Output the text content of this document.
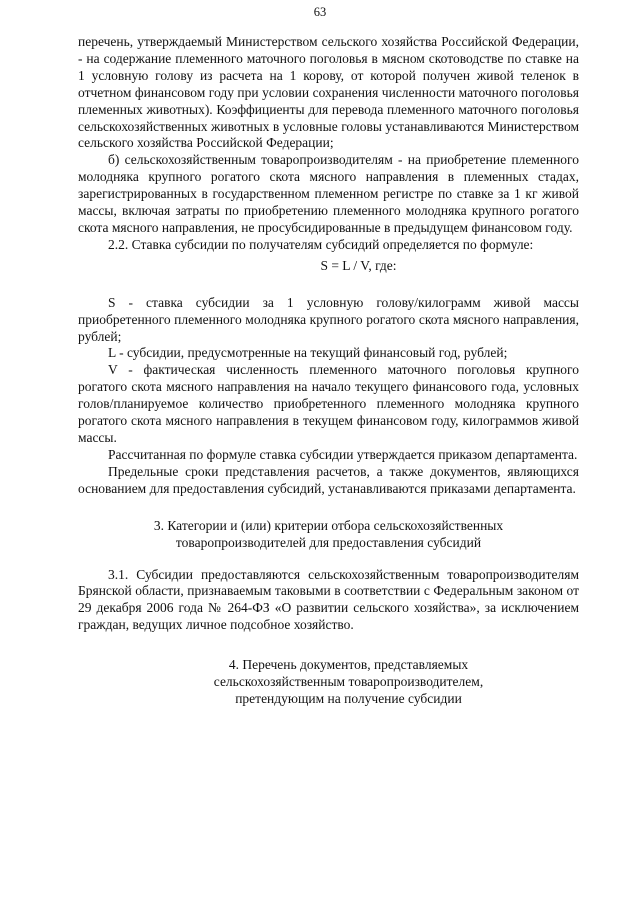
63

перечень, утверждаемый Министерством сельского хозяйства Российской Федерации, - на содержание племенного маточного поголовья в мясном скотоводстве по ставке на 1 условную голову из расчета на 1 корову, от которой получен живой теленок в отчетном финансовом году при условии сохранения численности маточного поголовья племенных животных). Коэффициенты для перевода племенного маточного поголовья сельскохозяйственных животных в условные головы устанавливаются Министерством сельского хозяйства Российской Федерации;

б) сельскохозяйственным товаропроизводителям - на приобретение племенного молодняка крупного рогатого скота мясного направления в племенных стадах, зарегистрированных в государственном племенном регистре по ставке за 1 кг живой массы, включая затраты по приобретению племенного молодняка крупного рогатого скота мясного направления, не просубсидированные в предыдущем финансовом году.

2.2. Ставка субсидии по получателям субсидий определяется по формуле:

S = L / V, где:

S - ставка субсидии за 1 условную голову/килограмм живой массы приобретенного племенного молодняка крупного рогатого скота мясного направления, рублей;

L - субсидии, предусмотренные на текущий финансовый год, рублей;

V - фактическая численность племенного маточного поголовья крупного рогатого скота мясного направления на начало текущего финансового года, условных голов/планируемое количество приобретенного племенного молодняка крупного рогатого скота мясного направления в текущем финансовом году, килограммов живой массы.

Рассчитанная по формуле ставка субсидии утверждается приказом департамента.

Предельные сроки представления расчетов, а также документов, являющихся основанием для предоставления субсидий, устанавливаются приказами департамента.

3. Категории и (или) критерии отбора сельскохозяйственных
товаропроизводителей для предоставления субсидий

3.1. Субсидии предоставляются сельскохозяйственным товаропроизводителям Брянской области, признаваемым таковыми в соответствии с Федеральным законом от 29 декабря 2006 года № 264-ФЗ «О развитии сельского хозяйства», за исключением граждан, ведущих личное подсобное хозяйство.

4. Перечень документов, представляемых
сельскохозяйственным товаропроизводителем,
претендующим на получение субсидии
